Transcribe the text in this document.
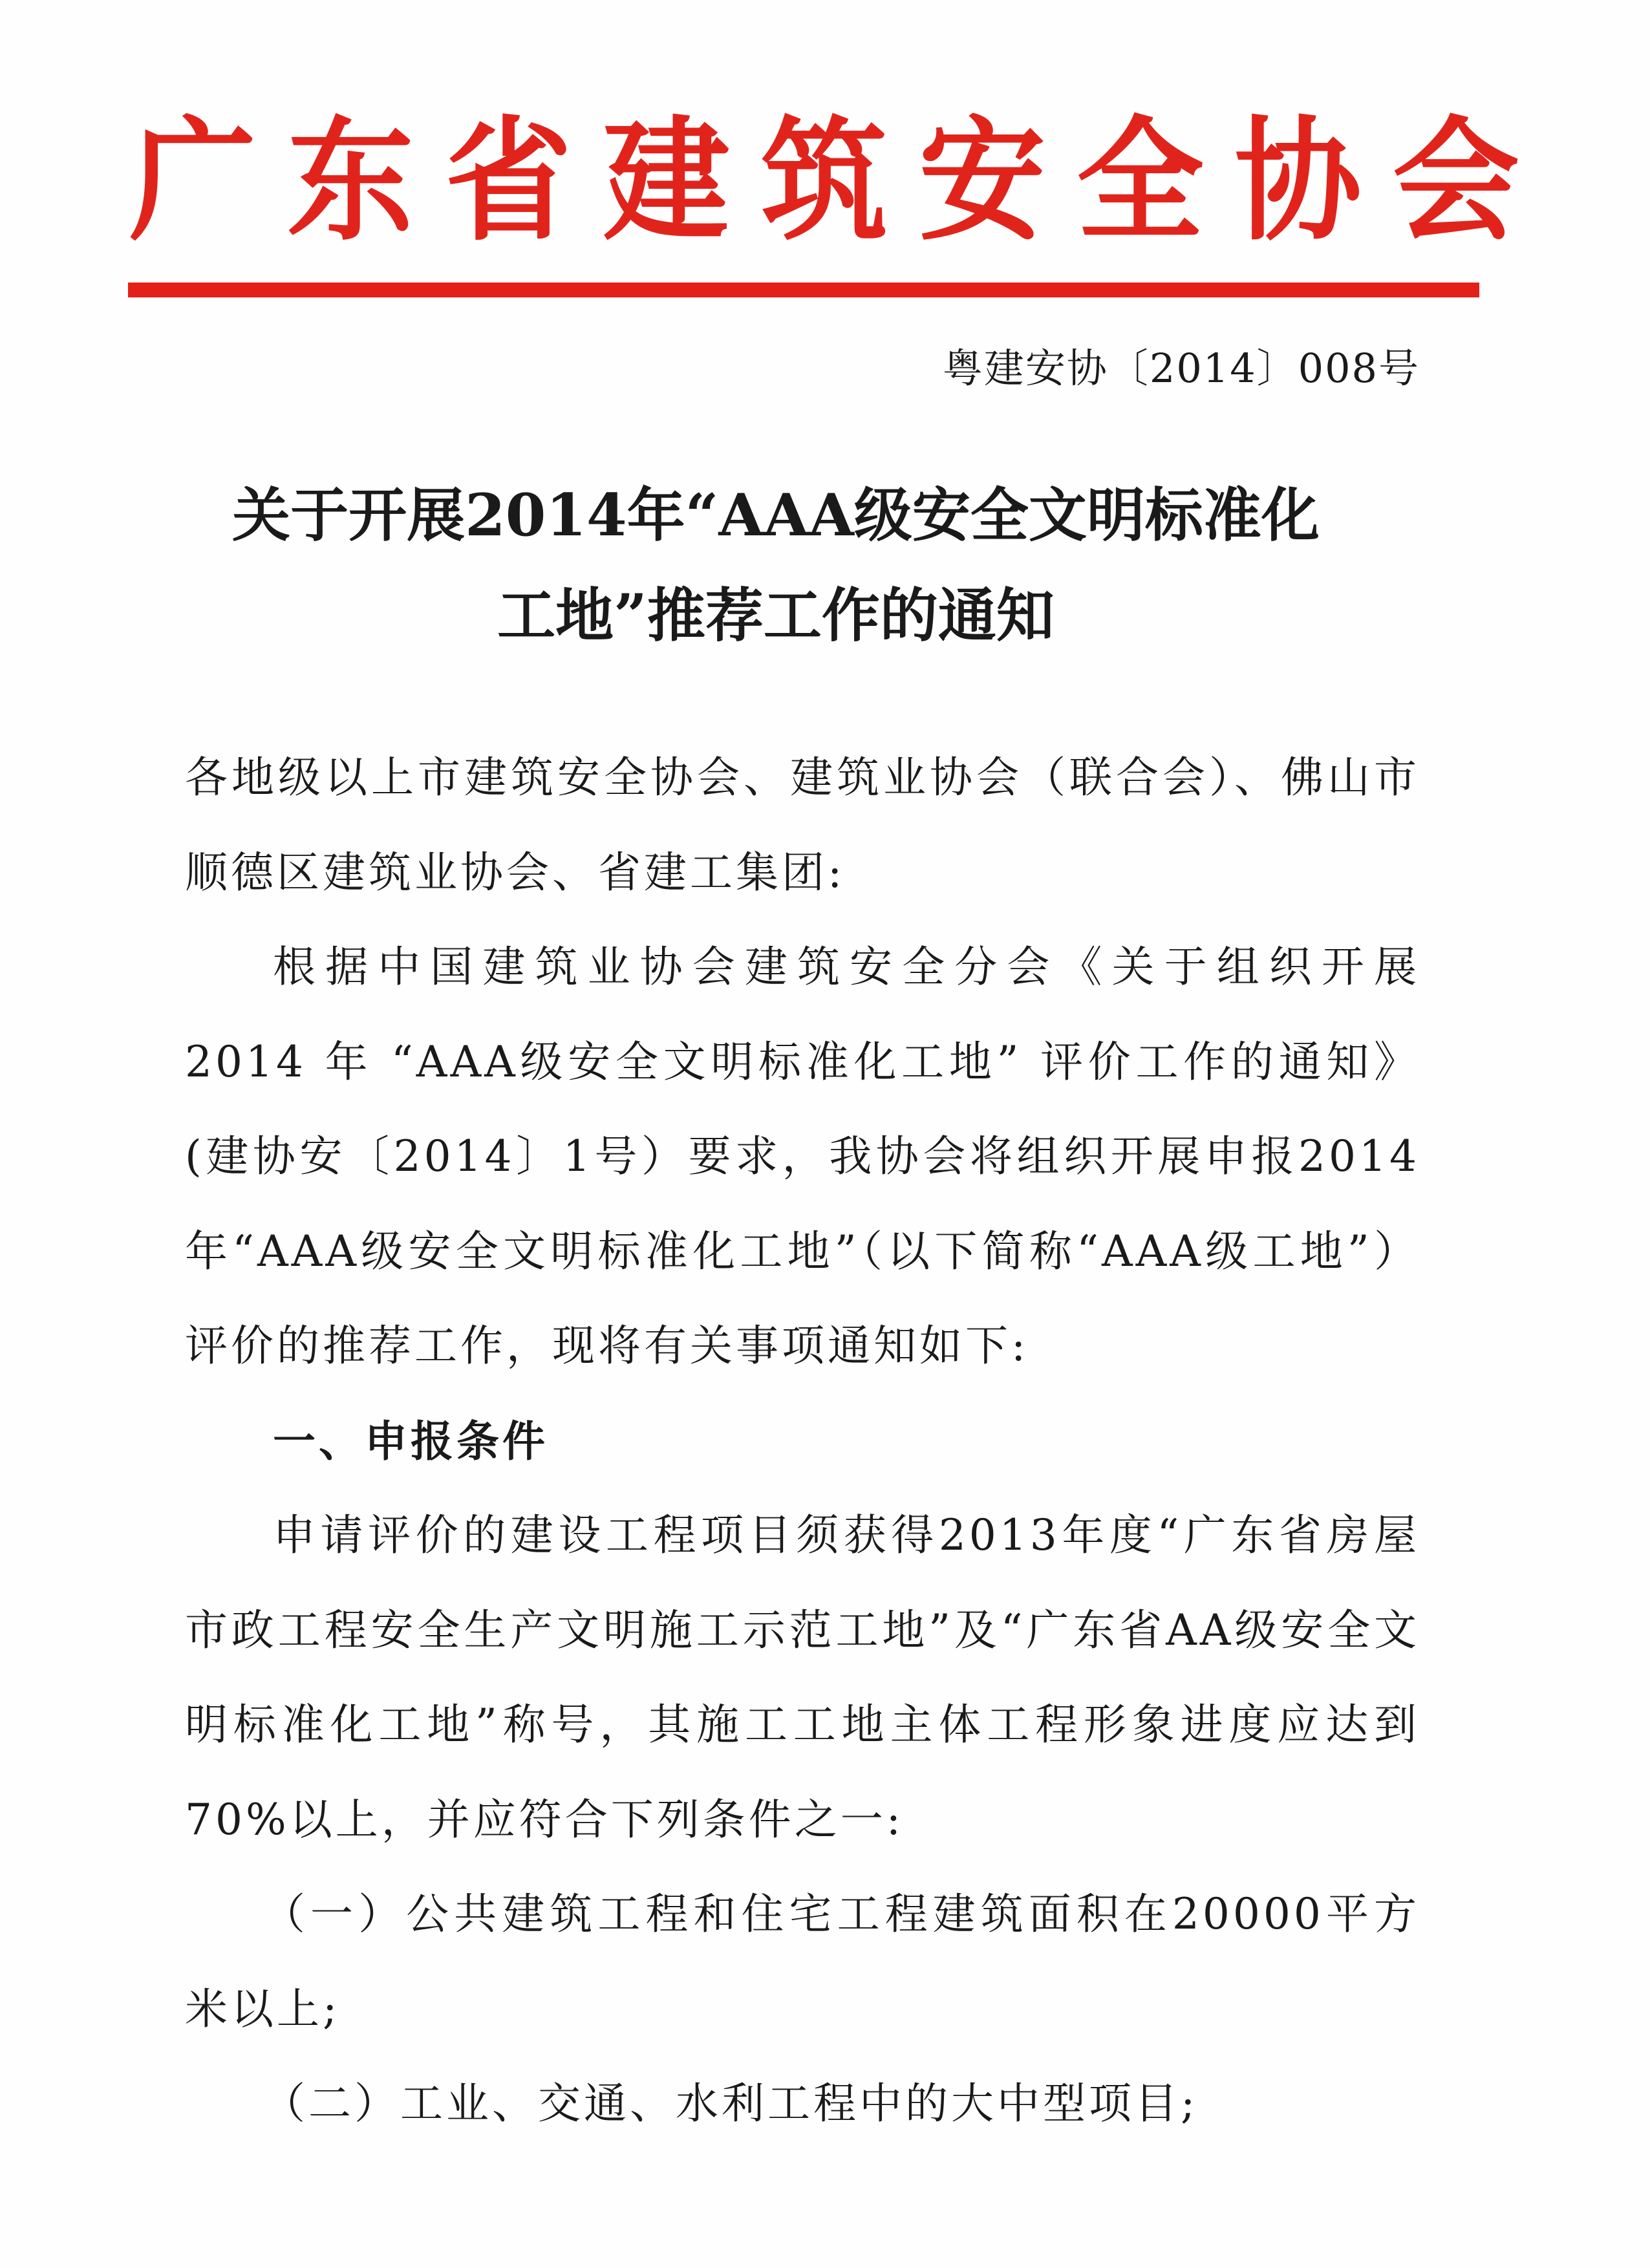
广 东 省 建 筑 安 全 协 会
粤建安协〔2014〕008号
关于开展2014年“AAA级安全文明标准化
工地”推荐工作的通知

各地级以上市建筑安全协会、建筑业协会（联合会）、佛山市顺德区建筑业协会、省建工集团:

根据中国建筑业协会建筑安全分会《关于组织开展 2014 年 “AAA级安全文明标准化工地” 评价工作的通知》(建协安〔2014〕1号）要求，我协会将组织开展申报2014年“AAA级安全文明标准化工地”（以下简称“AAA级工地”）评价的推荐工作，现将有关事项通知如下:

一、申报条件

申请评价的建设工程项目须获得2013年度“广东省房屋市政工程安全生产文明施工示范工地”及“广东省AA级安全文明标准化工地”称号，其施工工地主体工程形象进度应达到70%以上，并应符合下列条件之一:

（一）公共建筑工程和住宅工程建筑面积在20000平方米以上;

（二）工业、交通、水利工程中的大中型项目;
